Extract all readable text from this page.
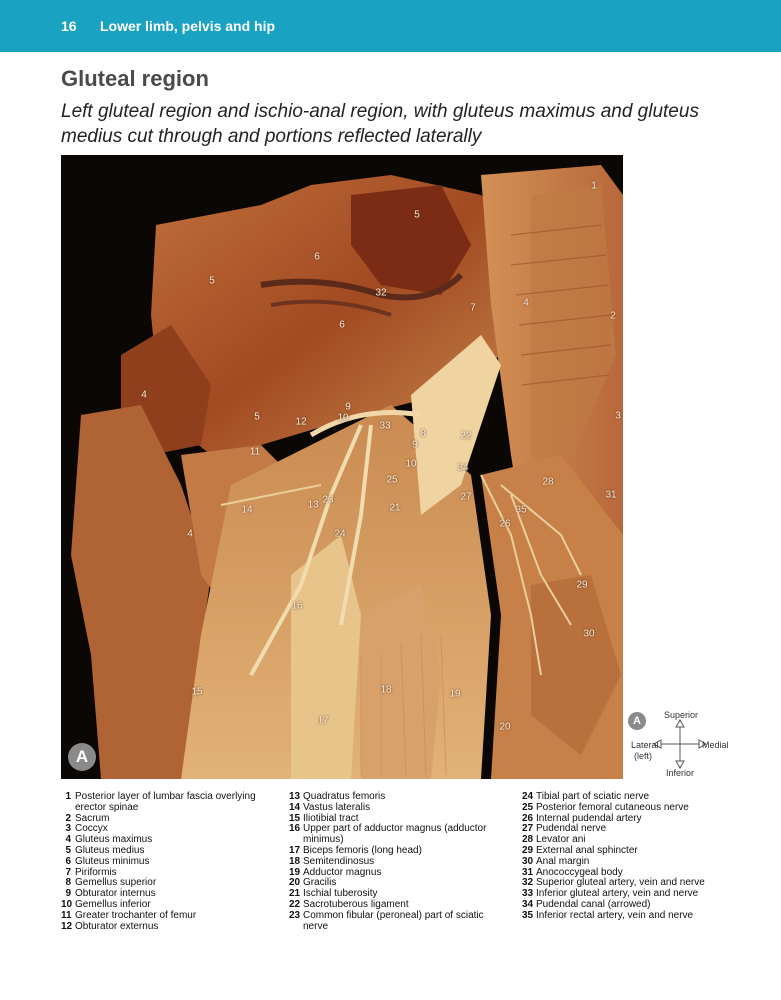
16 Lower limb, pelvis and hip
Gluteal region

Left gluteal region and ischio-anal region, with gluteus maximus and gluteus medius cut through and portions reflected laterally

1
2
3
4
5
5
5
6
6
7
4
4
8
9
9
10
10
11
12
13
14
15
16
17
18	19
20
21
22
23
24
25
26
27
28
29
30
31
32
33
34
35
A
A	Superior
Lateral
(left)
Medial
Inferior
1 Posterior layer of lumbar fascia overlying erector spinae
2 Sacrum
3 Coccyx
4 Gluteus maximus
5 Gluteus medius
6 Gluteus minimus
7 Piriformis
8 Gemellus superior
9 Obturator internus
10 Gemellus inferior
11 Greater trochanter of femur
12 Obturator externus
13 Quadratus femoris
14 Vastus lateralis
15 Iliotibial tract
16 Upper part of adductor magnus (adductor minimus)
17 Biceps femoris (long head)
18 Semitendinosus
19 Adductor magnus
20 Gracilis
21 Ischial tuberosity
22 Sacrotuberous ligament
23 Common fibular (peroneal) part of sciatic nerve
24 Tibial part of sciatic nerve
25 Posterior femoral cutaneous nerve
26 Internal pudendal artery
27 Pudendal nerve
28 Levator ani
29 External anal sphincter
30 Anal margin
31 Anococcygeal body
32 Superior gluteal artery, vein and nerve
33 Inferior gluteal artery, vein and nerve
34 Pudendal canal (arrowed)
35 Inferior rectal artery, vein and nerve
